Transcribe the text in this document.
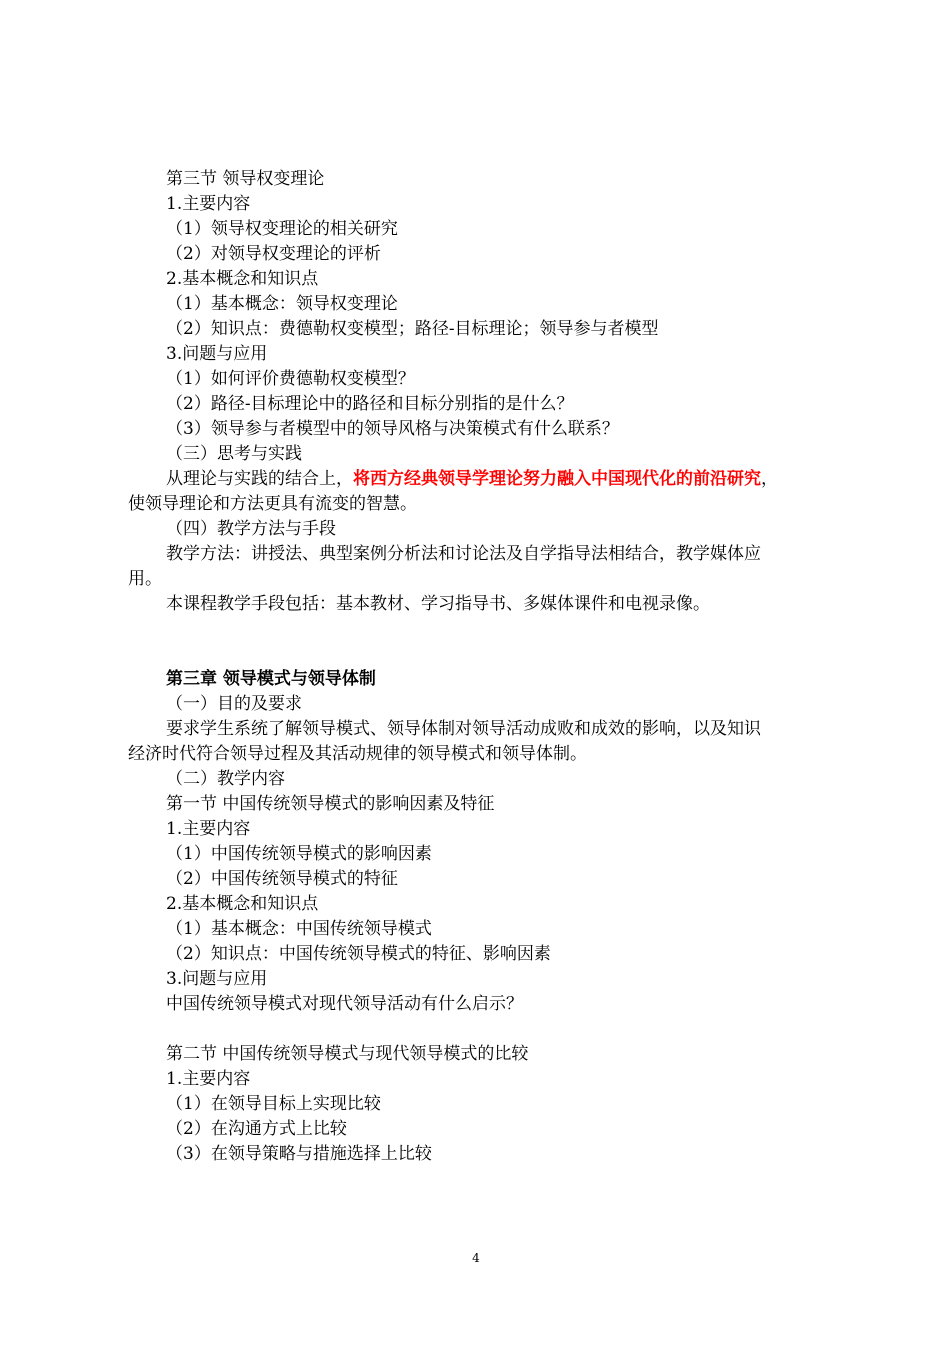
第三节 领导权变理论
1.主要内容
（1）领导权变理论的相关研究
（2）对领导权变理论的评析
2.基本概念和知识点
（1）基本概念：领导权变理论
（2）知识点：费德勒权变模型；路径-目标理论；领导参与者模型
3.问题与应用
（1）如何评价费德勒权变模型？
（2）路径-目标理论中的路径和目标分别指的是什么？
（3）领导参与者模型中的领导风格与决策模式有什么联系？
（三）思考与实践
从理论与实践的结合上，将西方经典领导学理论努力融入中国现代化的前沿研究，
使领导理论和方法更具有流变的智慧。
（四）教学方法与手段
教学方法：讲授法、典型案例分析法和讨论法及自学指导法相结合，教学媒体应
用。
本课程教学手段包括：基本教材、学习指导书、多媒体课件和电视录像。
第三章 领导模式与领导体制
（一）目的及要求
要求学生系统了解领导模式、领导体制对领导活动成败和成效的影响，以及知识
经济时代符合领导过程及其活动规律的领导模式和领导体制。
（二）教学内容
第一节 中国传统领导模式的影响因素及特征
1.主要内容
（1）中国传统领导模式的影响因素
（2）中国传统领导模式的特征
2.基本概念和知识点
（1）基本概念：中国传统领导模式
（2）知识点：中国传统领导模式的特征、影响因素
3.问题与应用
中国传统领导模式对现代领导活动有什么启示？
第二节 中国传统领导模式与现代领导模式的比较
1.主要内容
（1）在领导目标上实现比较
（2）在沟通方式上比较
（3）在领导策略与措施选择上比较
4
